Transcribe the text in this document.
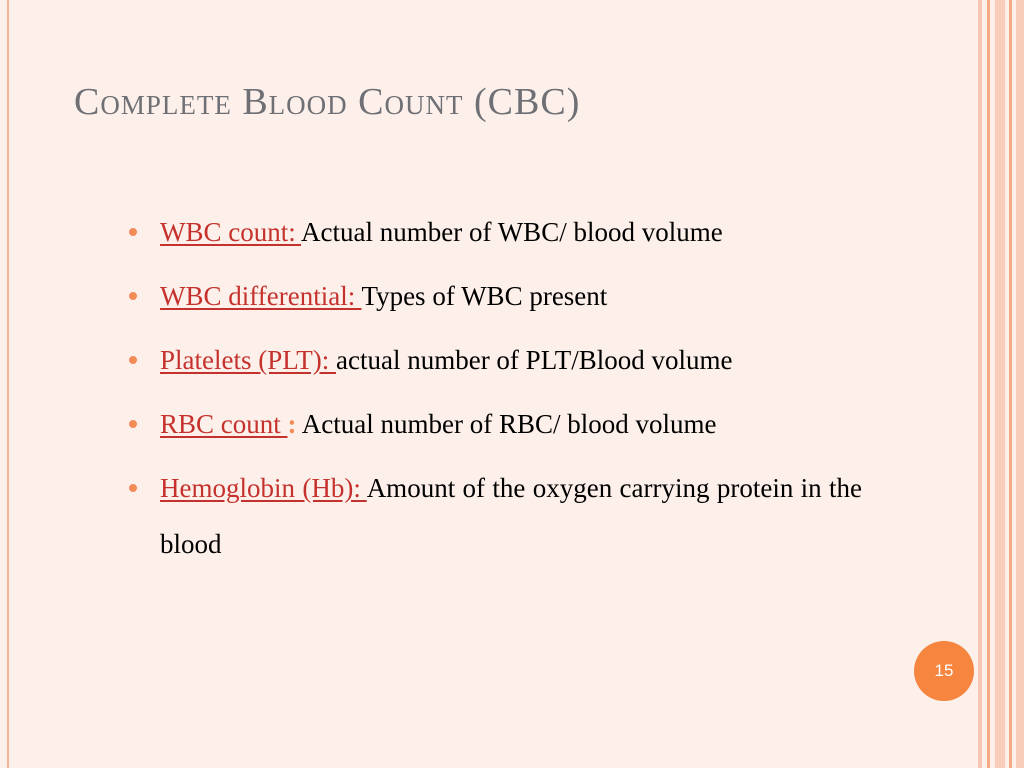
Complete Blood Count (CBC)
WBC count: Actual number of WBC/ blood volume
WBC differential: Types of WBC present
Platelets (PLT): actual number of PLT/Blood volume
RBC count : Actual number of RBC/ blood volume
Hemoglobin (Hb): Amount of the oxygen carrying protein in the blood
15
